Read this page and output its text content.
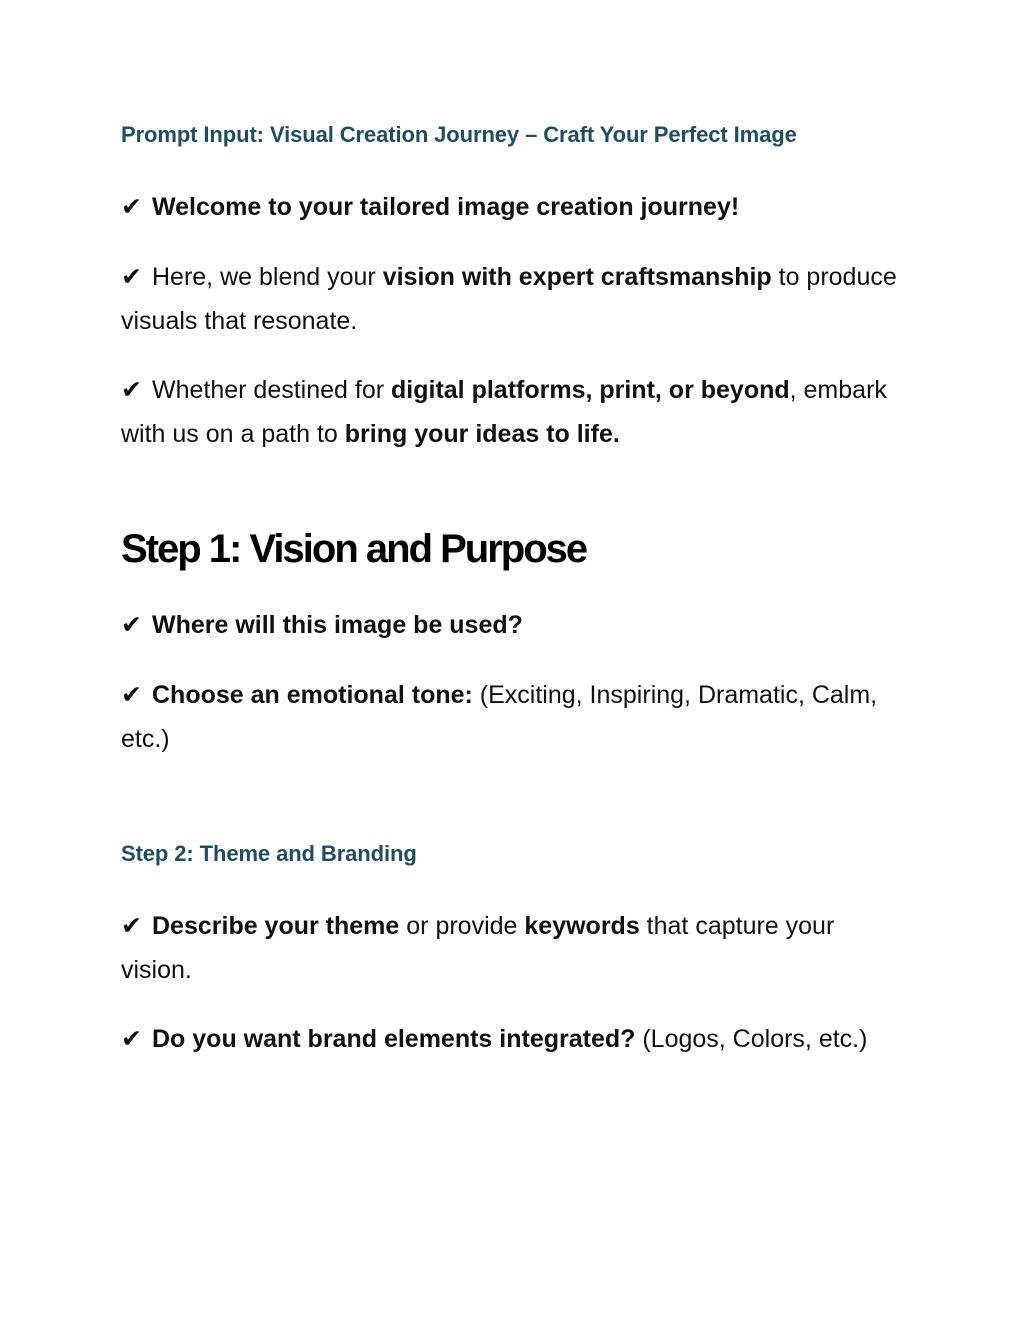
Prompt Input: Visual Creation Journey – Craft Your Perfect Image
✔ Welcome to your tailored image creation journey!
✔ Here, we blend your vision with expert craftsmanship to produce visuals that resonate.
✔ Whether destined for digital platforms, print, or beyond, embark with us on a path to bring your ideas to life.
Step 1: Vision and Purpose
✔ Where will this image be used?
✔ Choose an emotional tone: (Exciting, Inspiring, Dramatic, Calm, etc.)
Step 2: Theme and Branding
✔ Describe your theme or provide keywords that capture your vision.
✔ Do you want brand elements integrated? (Logos, Colors, etc.)
